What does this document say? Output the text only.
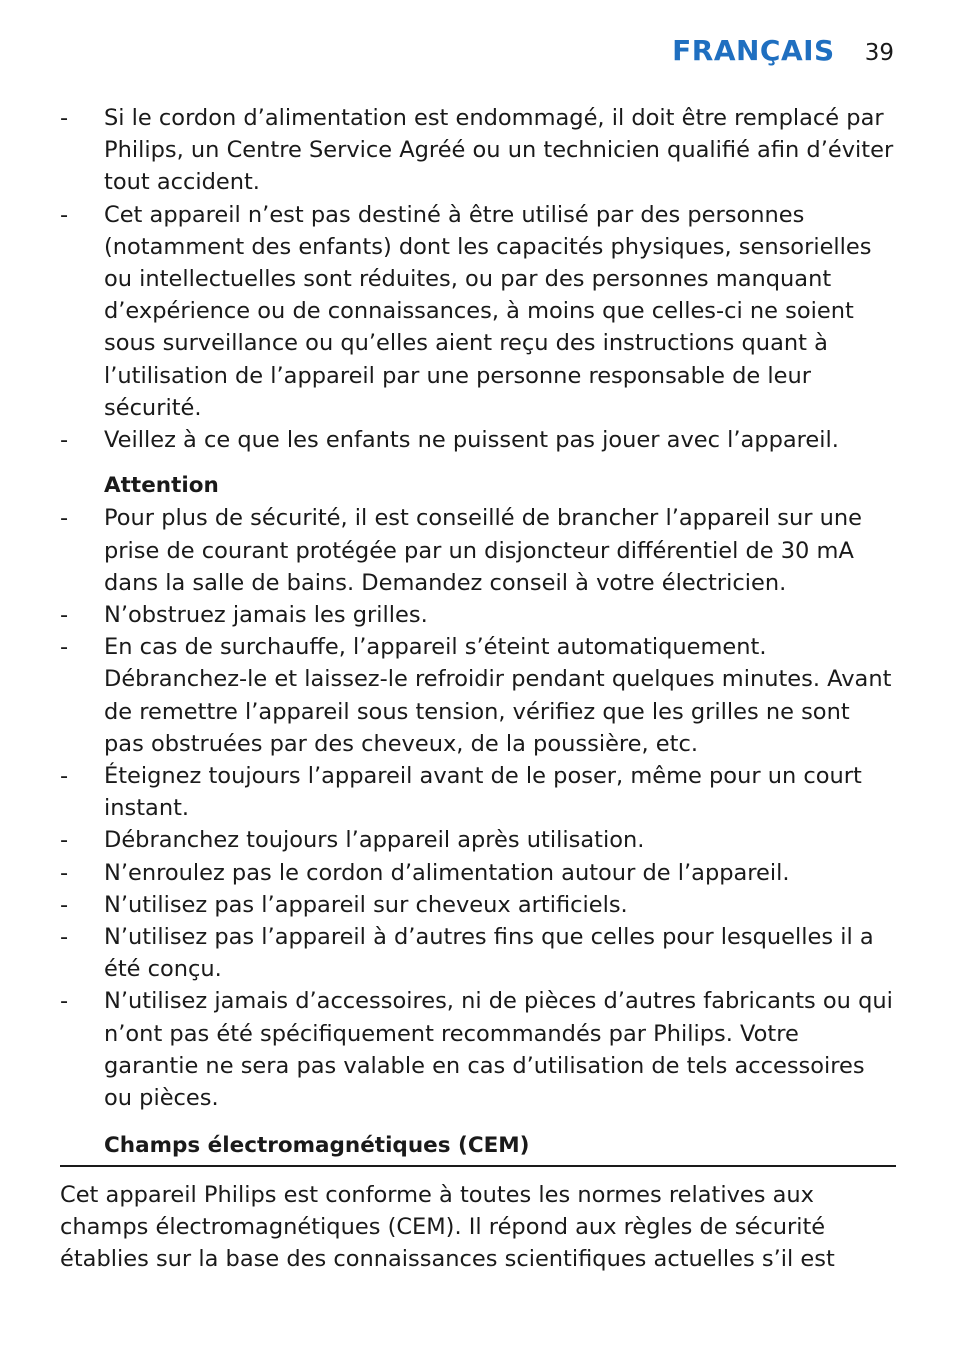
FRANÇAIS 39
- Si le cordon d’alimentation est endommagé, il doit être remplacé par Philips, un Centre Service Agréé ou un technicien qualifié afin d’éviter tout accident.
- Cet appareil n’est pas destiné à être utilisé par des personnes (notamment des enfants) dont les capacités physiques, sensorielles ou intellectuelles sont réduites, ou par des personnes manquant d’expérience ou de connaissances, à moins que celles-ci ne soient sous surveillance ou qu’elles aient reçu des instructions quant à l’utilisation de l’appareil par une personne responsable de leur sécurité.
- Veillez à ce que les enfants ne puissent pas jouer avec l’appareil.
Attention
- Pour plus de sécurité, il est conseillé de brancher l’appareil sur une prise de courant protégée par un disjoncteur différentiel de 30 mA dans la salle de bains. Demandez conseil à votre électricien.
- N’obstruez jamais les grilles.
- En cas de surchauffe, l’appareil s’éteint automatiquement. Débranchez-le et laissez-le refroidir pendant quelques minutes. Avant de remettre l’appareil sous tension, vérifiez que les grilles ne sont pas obstruées par des cheveux, de la poussière, etc.
- Éteignez toujours l’appareil avant de le poser, même pour un court instant.
- Débranchez toujours l’appareil après utilisation.
- N’enroulez pas le cordon d’alimentation autour de l’appareil.
- N’utilisez pas l’appareil sur cheveux artificiels.
- N’utilisez pas l’appareil à d’autres fins que celles pour lesquelles il a été conçu.
- N’utilisez jamais d’accessoires, ni de pièces d’autres fabricants ou qui n’ont pas été spécifiquement recommandés par Philips. Votre garantie ne sera pas valable en cas d’utilisation de tels accessoires ou pièces.
Champs électromagnétiques (CEM)
Cet appareil Philips est conforme à toutes les normes relatives aux champs électromagnétiques (CEM). Il répond aux règles de sécurité établies sur la base des connaissances scientifiques actuelles s’il est
